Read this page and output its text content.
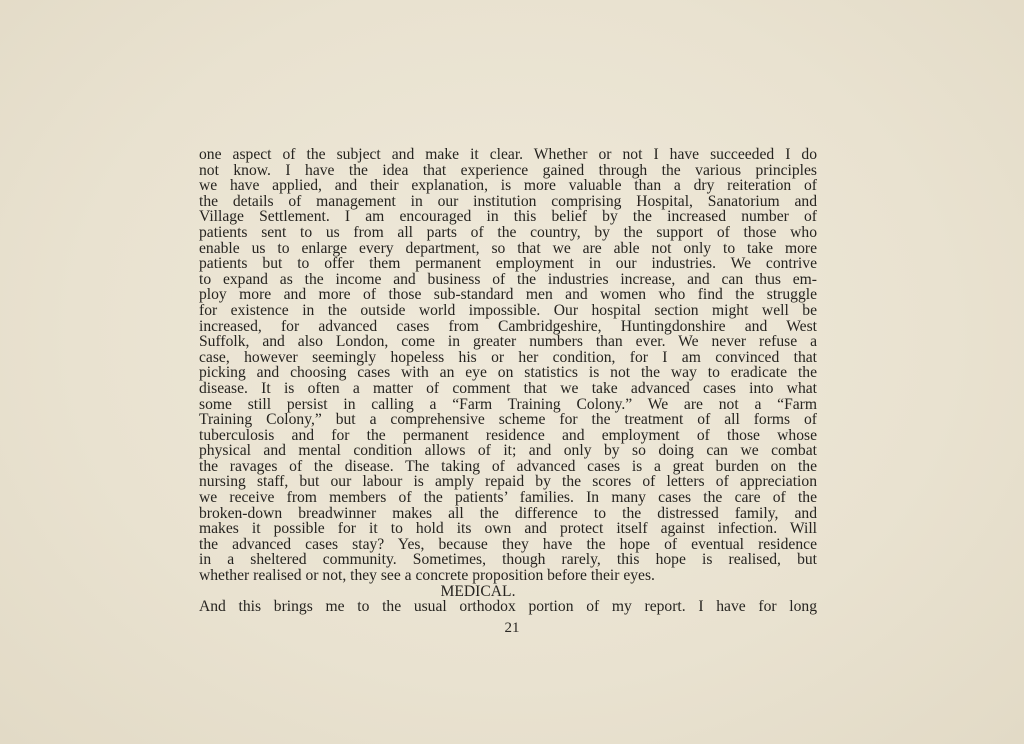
one aspect of the subject and make it clear. Whether or not I have succeeded I do
not know. I have the idea that experience gained through the various principles
we have applied, and their explanation, is more valuable than a dry reiteration of
the details of management in our institution comprising Hospital, Sanatorium and
Village Settlement. I am encouraged in this belief by the increased number of
patients sent to us from all parts of the country, by the support of those who
enable us to enlarge every department, so that we are able not only to take more
patients but to offer them permanent employment in our industries. We contrive
to expand as the income and business of the industries increase, and can thus em-
ploy more and more of those sub-standard men and women who find the struggle
for existence in the outside world impossible. Our hospital section might well be
increased, for advanced cases from Cambridgeshire, Huntingdonshire and West
Suffolk, and also London, come in greater numbers than ever. We never refuse a
case, however seemingly hopeless his or her condition, for I am convinced that
picking and choosing cases with an eye on statistics is not the way to eradicate the
disease. It is often a matter of comment that we take advanced cases into what
some still persist in calling a “Farm Training Colony.” We are not a “Farm
Training Colony,” but a comprehensive scheme for the treatment of all forms of
tuberculosis and for the permanent residence and employment of those whose
physical and mental condition allows of it; and only by so doing can we combat
the ravages of the disease. The taking of advanced cases is a great burden on the
nursing staff, but our labour is amply repaid by the scores of letters of appreciation
we receive from members of the patients’ families. In many cases the care of the
broken-down breadwinner makes all the difference to the distressed family, and
makes it possible for it to hold its own and protect itself against infection. Will
the advanced cases stay? Yes, because they have the hope of eventual residence
in a sheltered community. Sometimes, though rarely, this hope is realised, but
whether realised or not, they see a concrete proposition before their eyes.
MEDICAL.
And this brings me to the usual orthodox portion of my report. I have for long
21
